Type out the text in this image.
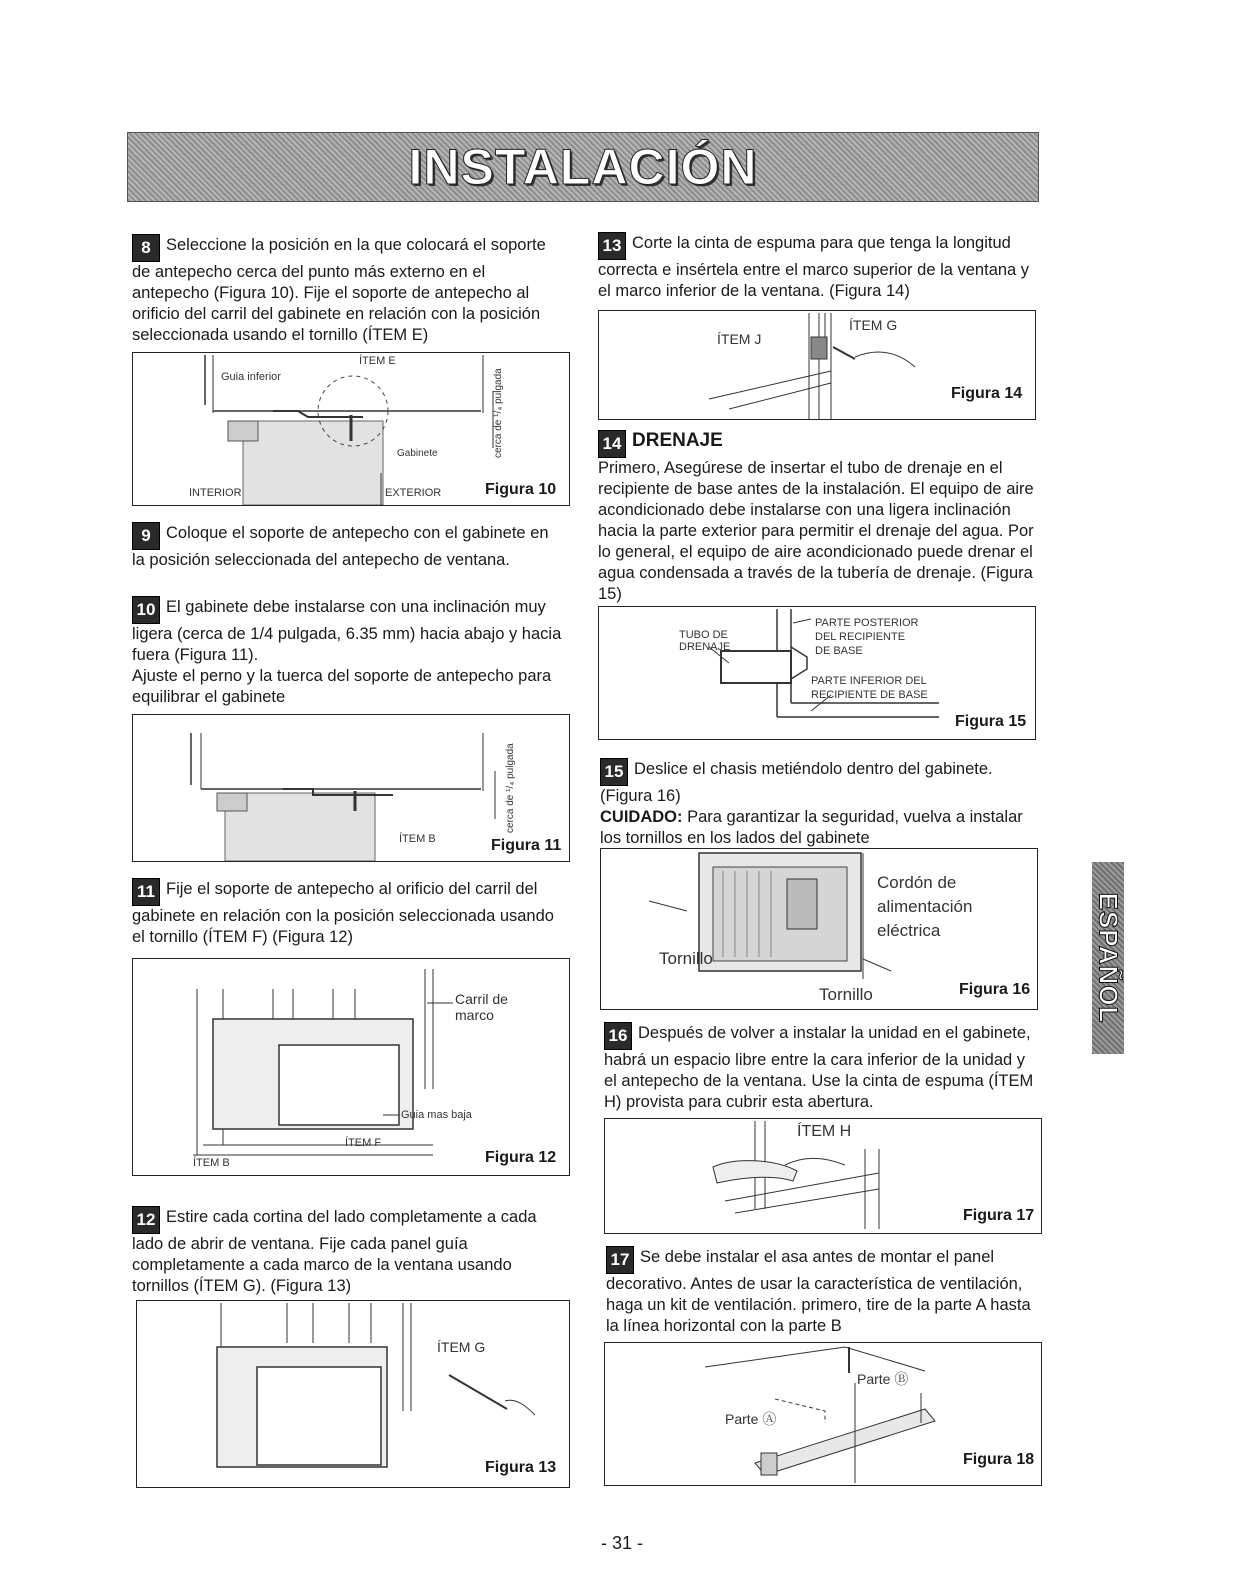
INSTALACIÓN
ESPAÑOL
8 Seleccione la posición en la que colocará el soporte de antepecho cerca del punto más externo en el antepecho (Figura 10). Fije el soporte de antepecho al orificio del carril del gabinete en relación con la posición seleccionada usando el tornillo (ÍTEM E)
Guia inferior
ÍTEM E
Gabinete
INTERIOR	EXTERIOR
cerca de ¹/₄ pulgada
Figura 10
9 Coloque el soporte de antepecho con el gabinete en la posición seleccionada del antepecho de ventana.
10 El gabinete debe instalarse con una inclinación muy ligera (cerca de 1/4 pulgada, 6.35 mm) hacia abajo y hacia fuera (Figura 11).
Ajuste el perno y la tuerca del soporte de antepecho para equilibrar el gabinete
ÍTEM B
cerca de ¹/₄ pulgada
Figura 11
11 Fije el soporte de antepecho al orificio del carril del gabinete en relación con la posición seleccionada usando el tornillo (ÍTEM F) (Figura 12)
Carril de
marco
Guia mas baja
ÍTEM F
ÍTEM B	Figura 12
12 Estire cada cortina del lado completamente a cada lado de abrir de ventana. Fije cada panel guía completamente a cada marco de la ventana usando tornillos (ÍTEM G). (Figura 13)
ÍTEM G
Figura 13
13 Corte la cinta de espuma para que tenga la longitud correcta e insértela entre el marco superior de la ventana y el marco inferior de la ventana. (Figura 14)
ÍTEM J
ÍTEM G
Figura 14
14 DRENAJE
Primero, Asegúrese de insertar el tubo de drenaje en el recipiente de base antes de la instalación. El equipo de aire acondicionado debe instalarse con una ligera inclinación hacia la parte exterior para permitir el drenaje del agua. Por lo general, el equipo de aire acondicionado puede drenar el agua condensada a través de la tubería de drenaje. (Figura 15)
TUBO DE
DRENAJE
PARTE POSTERIOR
DEL RECIPIENTE
DE BASE
PARTE INFERIOR DEL
RECIPIENTE DE BASE
Figura 15
15 Deslice el chasis metiéndolo dentro del gabinete. (Figura 16)
CUIDADO: Para garantizar la seguridad, vuelva a instalar los tornillos en los lados del gabinete
Cordón de
alimentación
eléctrica
Tornillo
Tornillo	Figura 16
16 Después de volver a instalar la unidad en el gabinete, habrá un espacio libre entre la cara inferior de la unidad y el antepecho de la ventana. Use la cinta de espuma (ÍTEM H) provista para cubrir esta abertura.
ÍTEM H
Figura 17
17 Se debe instalar el asa antes de montar el panel decorativo. Antes de usar la característica de ventilación, haga un kit de ventilación. primero, tire de la parte A hasta la línea horizontal con la parte B
Parte Ⓑ
Parte Ⓐ
Figura 18
- 31 -
